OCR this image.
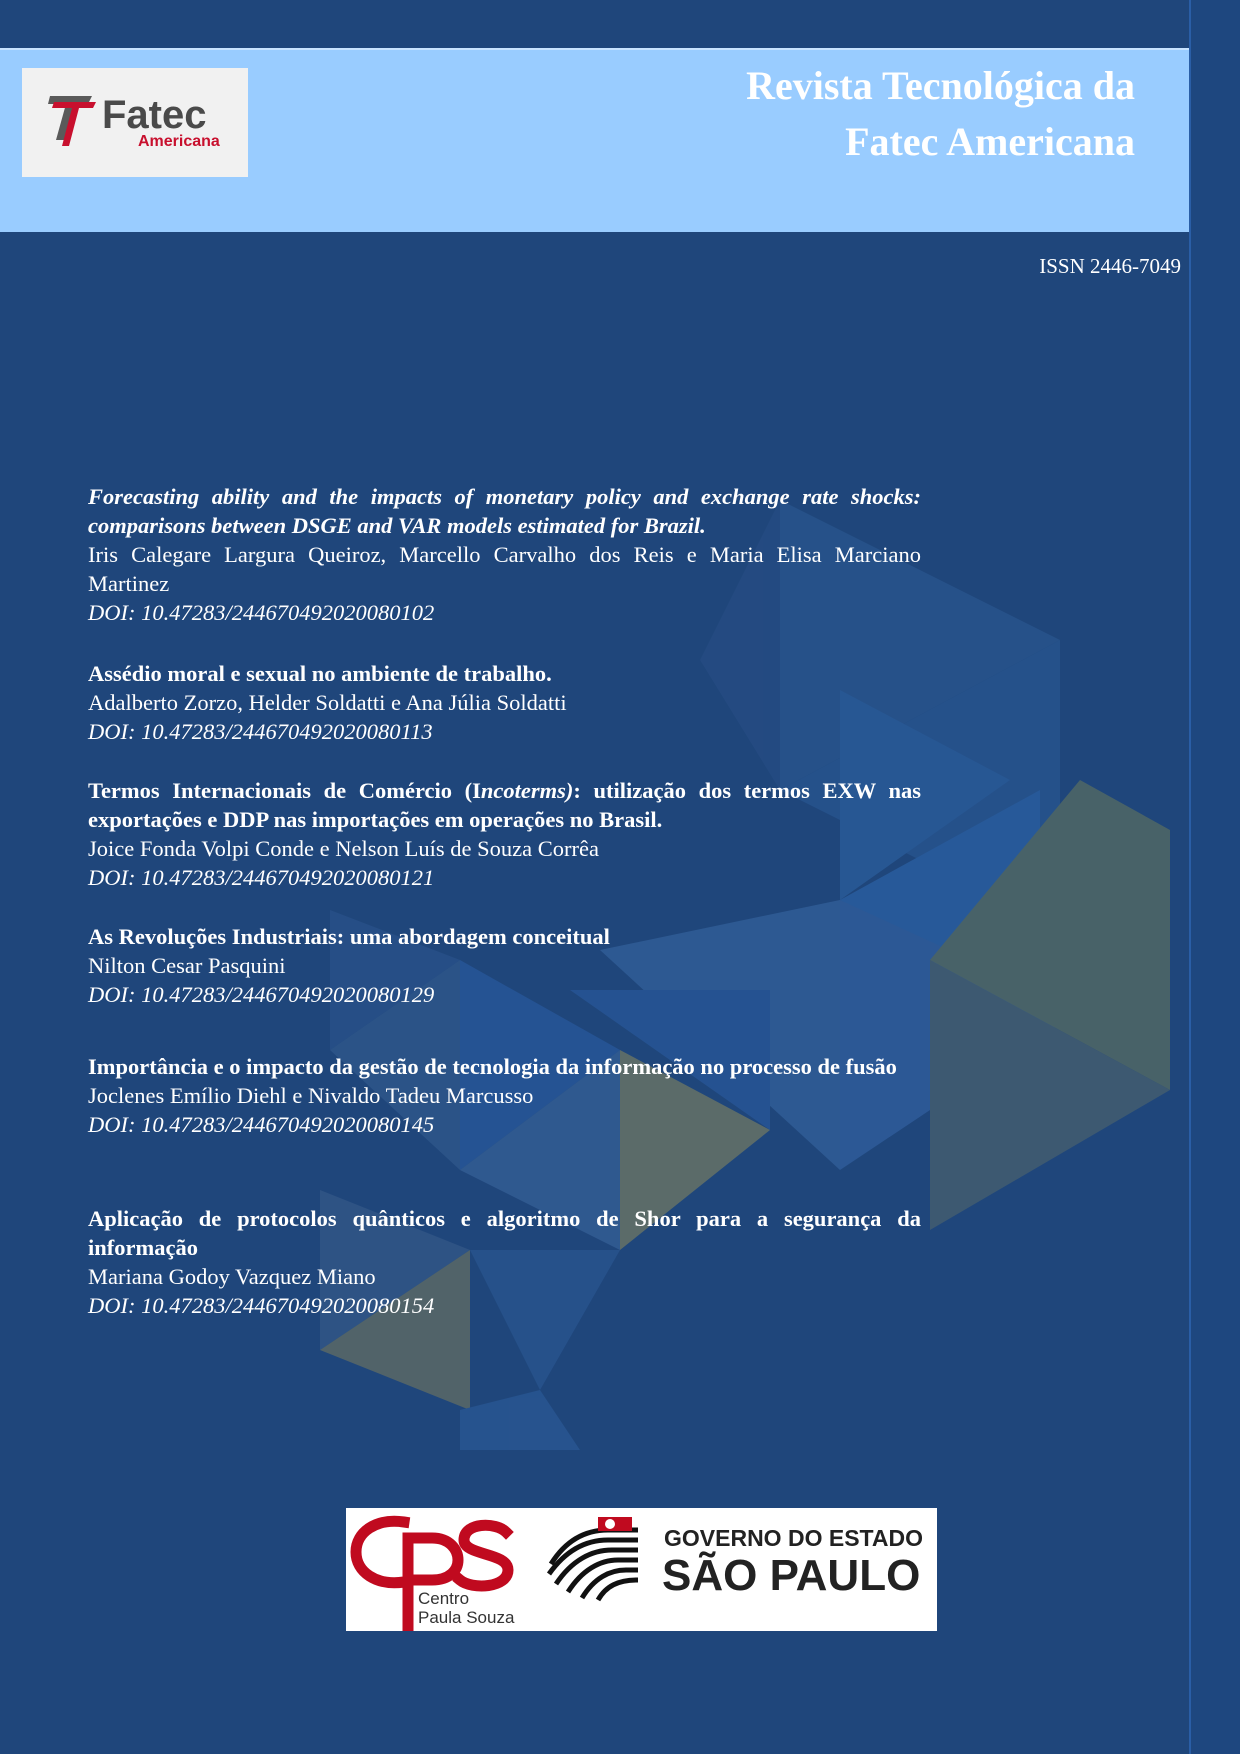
Fatec
Americana
Revista Tecnológica da
Fatec Americana
ISSN 2446-7049
Forecasting ability and the impacts of monetary policy and exchange rate shocks: comparisons between DSGE and VAR models estimated for Brazil.
Iris Calegare Largura Queiroz, Marcello Carvalho dos Reis e Maria Elisa Marciano Martinez
DOI: 10.47283/244670492020080102
Assédio moral e sexual no ambiente de trabalho.
Adalberto Zorzo, Helder Soldatti e Ana Júlia Soldatti
DOI: 10.47283/244670492020080113
Termos Internacionais de Comércio (Incoterms): utilização dos termos EXW nas exportações e DDP nas importações em operações no Brasil.
Joice Fonda Volpi Conde e Nelson Luís de Souza Corrêa
DOI: 10.47283/244670492020080121
As Revoluções Industriais: uma abordagem conceitual
Nilton Cesar Pasquini
DOI: 10.47283/244670492020080129
Importância e o impacto da gestão de tecnologia da informação no processo de fusão
Joclenes Emílio Diehl e Nivaldo Tadeu Marcusso
DOI: 10.47283/244670492020080145
Aplicação de protocolos quânticos e algoritmo de Shor para a segurança da informação
Mariana Godoy Vazquez Miano
DOI: 10.47283/244670492020080154
Centro
Paula Souza
GOVERNO DO ESTADO
SÃO PAULO
